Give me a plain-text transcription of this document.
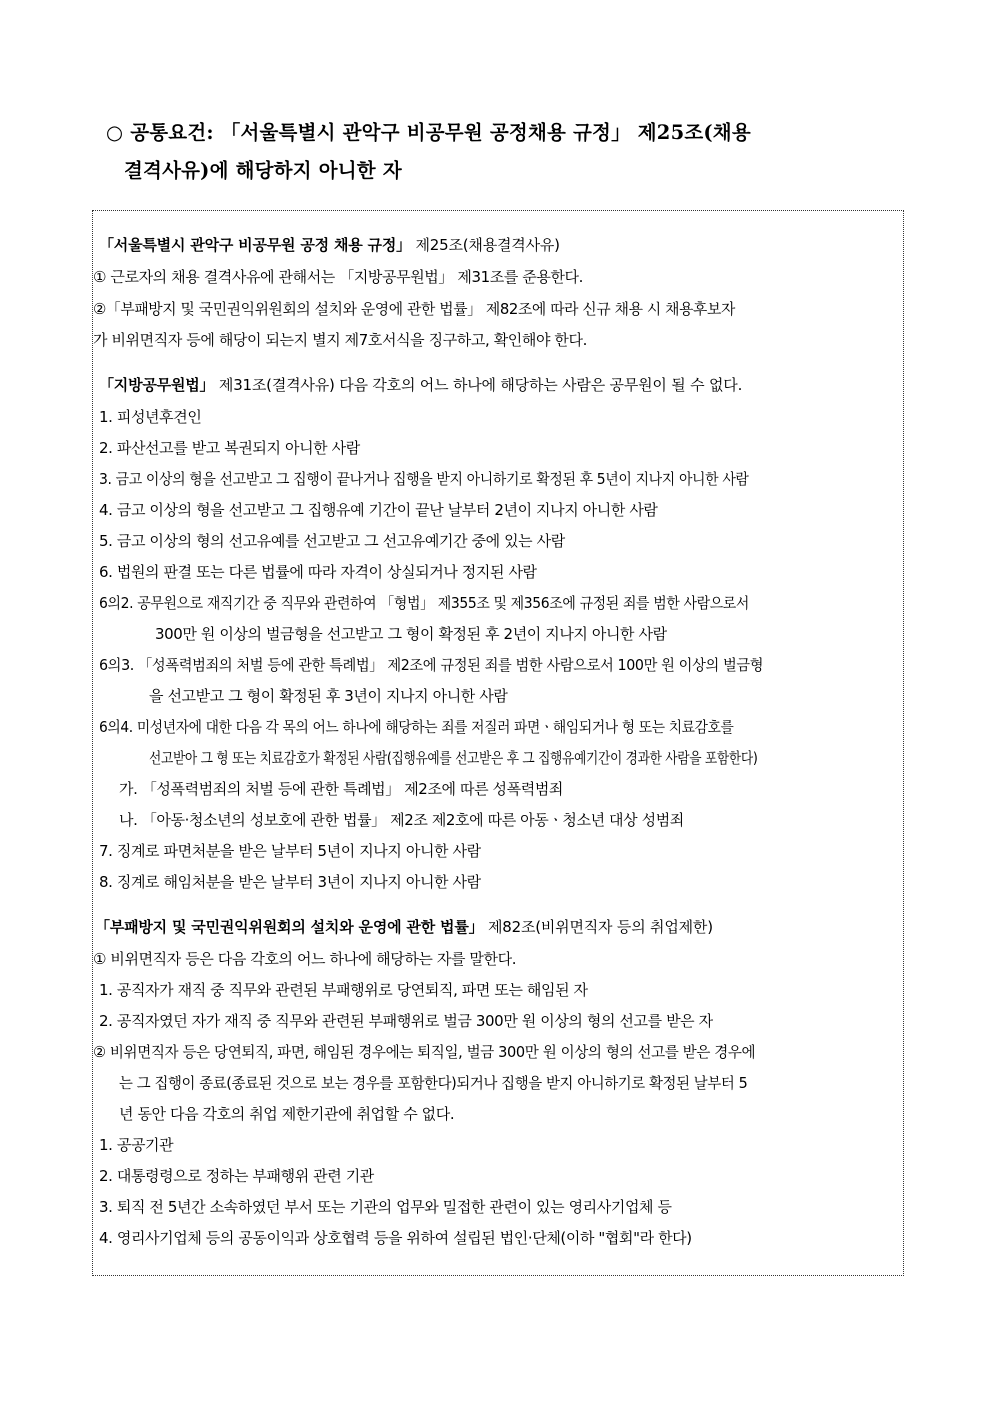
○ 공통요건: 「서울특별시 관악구 비공무원 공정채용 규정」 제25조(채용
결격사유)에 해당하지 아니한 자
「서울특별시 관악구 비공무원 공정 채용 규정」 제25조(채용결격사유)
① 근로자의 채용 결격사유에 관해서는 「지방공무원법」 제31조를 준용한다.
②「부패방지 및 국민권익위원회의 설치와 운영에 관한 법률」 제82조에 따라 신규 채용 시 채용후보자
가 비위면직자 등에 해당이 되는지 별지 제7호서식을 징구하고, 확인해야 한다.
「지방공무원법」 제31조(결격사유) 다음 각호의 어느 하나에 해당하는 사람은 공무원이 될 수 없다.
1. 피성년후견인
2. 파산선고를 받고 복권되지 아니한 사람
3. 금고 이상의 형을 선고받고 그 집행이 끝나거나 집행을 받지 아니하기로 확정된 후 5년이 지나지 아니한 사람
4. 금고 이상의 형을 선고받고 그 집행유예 기간이 끝난 날부터 2년이 지나지 아니한 사람
5. 금고 이상의 형의 선고유예를 선고받고 그 선고유예기간 중에 있는 사람
6. 법원의 판결 또는 다른 법률에 따라 자격이 상실되거나 정지된 사람
6의2. 공무원으로 재직기간 중 직무와 관련하여 「형법」 제355조 및 제356조에 규정된 죄를 범한 사람으로서
300만 원 이상의 벌금형을 선고받고 그 형이 확정된 후 2년이 지나지 아니한 사람
6의3. 「성폭력범죄의 처벌 등에 관한 특례법」 제2조에 규정된 죄를 범한 사람으로서 100만 원 이상의 벌금형
을 선고받고 그 형이 확정된 후 3년이 지나지 아니한 사람
6의4. 미성년자에 대한 다음 각 목의 어느 하나에 해당하는 죄를 저질러 파면ㆍ해임되거나 형 또는 치료감호를
선고받아 그 형 또는 치료감호가 확정된 사람(집행유예를 선고받은 후 그 집행유예기간이 경과한 사람을 포함한다)
가. 「성폭력범죄의 처벌 등에 관한 특례법」 제2조에 따른 성폭력범죄
나. 「아동·청소년의 성보호에 관한 법률」 제2조 제2호에 따른 아동ㆍ청소년 대상 성범죄
7. 징계로 파면처분을 받은 날부터 5년이 지나지 아니한 사람
8. 징계로 해임처분을 받은 날부터 3년이 지나지 아니한 사람
「부패방지 및 국민권익위원회의 설치와 운영에 관한 법률」 제82조(비위면직자 등의 취업제한)
① 비위면직자 등은 다음 각호의 어느 하나에 해당하는 자를 말한다.
1. 공직자가 재직 중 직무와 관련된 부패행위로 당연퇴직, 파면 또는 해임된 자
2. 공직자였던 자가 재직 중 직무와 관련된 부패행위로 벌금 300만 원 이상의 형의 선고를 받은 자
② 비위면직자 등은 당연퇴직, 파면, 해임된 경우에는 퇴직일, 벌금 300만 원 이상의 형의 선고를 받은 경우에
는 그 집행이 종료(종료된 것으로 보는 경우를 포함한다)되거나 집행을 받지 아니하기로 확정된 날부터 5
년 동안 다음 각호의 취업 제한기관에 취업할 수 없다.
1. 공공기관
2. 대통령령으로 정하는 부패행위 관련 기관
3. 퇴직 전 5년간 소속하였던 부서 또는 기관의 업무와 밀접한 관련이 있는 영리사기업체 등
4. 영리사기업체 등의 공동이익과 상호협력 등을 위하여 설립된 법인·단체(이하 "협회"라 한다)
